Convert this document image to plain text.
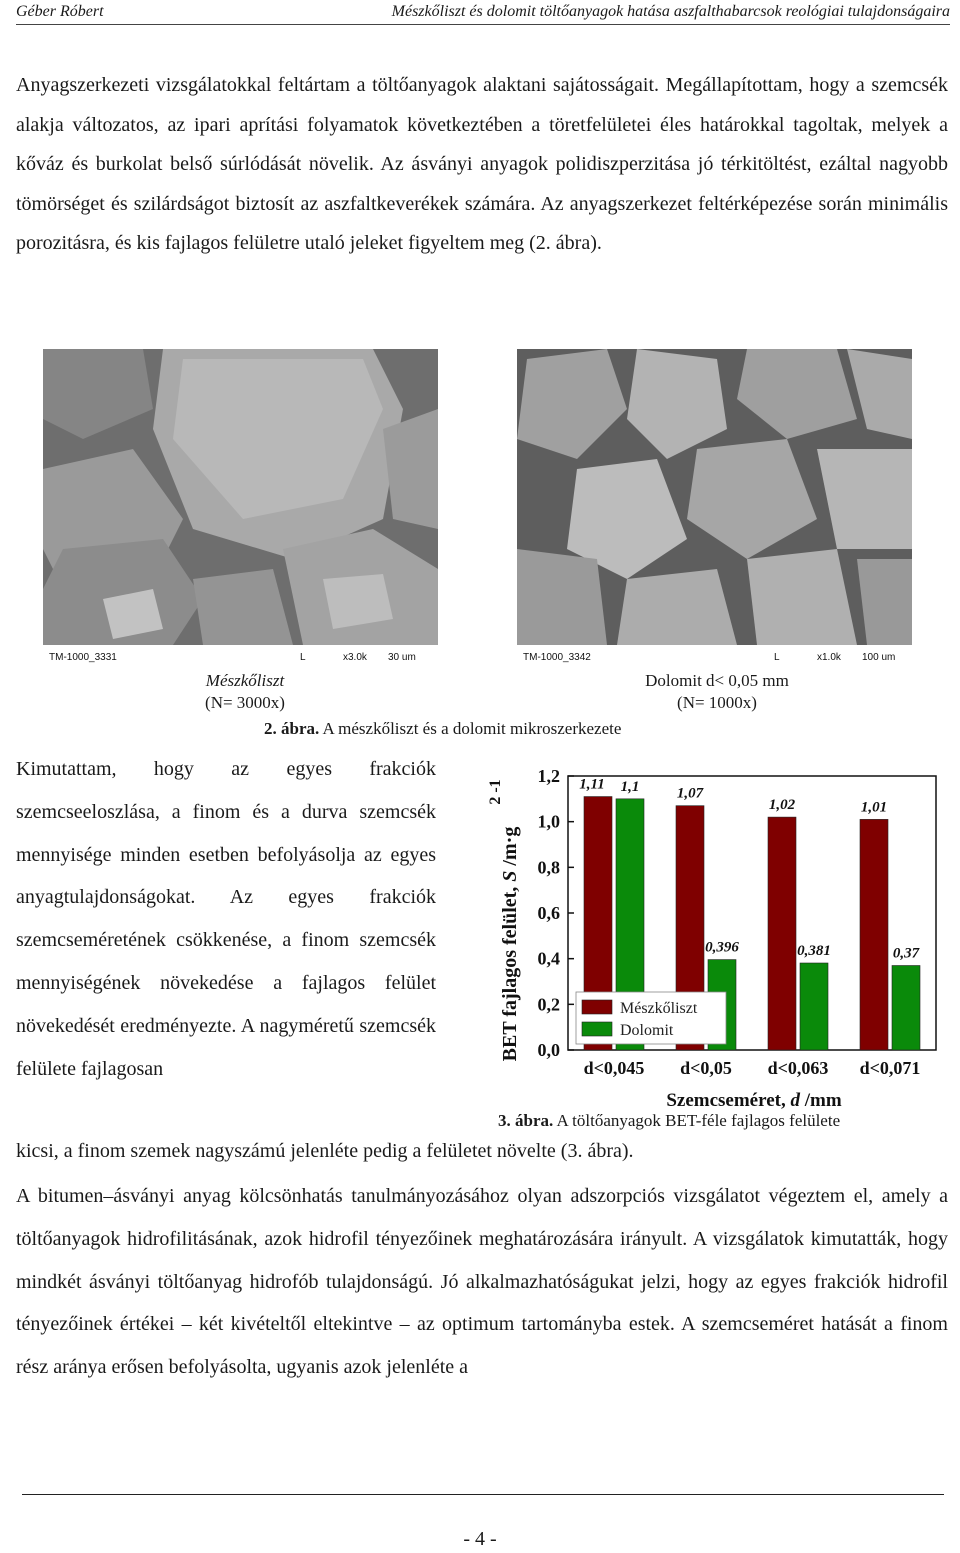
Géber Róbert	Mészkőliszt és dolomit töltőanyagok hatása aszfalthabarcsok reológiai tulajdonságaira

Anyagszerkezeti vizsgálatokkal feltártam a töltőanyagok alaktani sajátosságait. Megállapítottam, hogy a szemcsék alakja változatos, az ipari aprítási folyamatok következtében a töretfelületei éles határokkal tagoltak, melyek a kőváz és burkolat belső súrlódását növelik. Az ásványi anyagok polidiszperzitása jó térkitöltést, ezáltal nagyobb tömörséget és szilárdságot biztosít az aszfaltkeverékek számára. Az anyagszerkezet feltérképezése során minimális porozitásra, és kis fajlagos felületre utaló jeleket figyeltem meg (2. ábra).

TM-1000_3331	L	x3.0k 30 um	TM-1000_3342	L	x1.0k 100 um
Mészkőliszt
(N= 3000x)
Dolomit d< 0,05 mm
(N= 1000x)
2. ábra. A mészkőliszt és a dolomit mikroszerkezete

Kimutattam, hogy az egyes frakciók szemcseeloszlása, a finom és a durva szemcsék mennyisége minden esetben befolyásolja az egyes anyagtulajdonságokat. Az egyes frakciók szemcseméretének csökkenése, a finom szemcsék mennyiségének növekedése a fajlagos felület növekedését eredményezte. A nagyméretű szemcsék felülete fajlagosan

0,0
0,2
0,4
0,6
0,8
1,0
1,2
d<0,045
1,11 1,1
d<0,05
1,07
0,396
d<0,063
1,02
0,381
d<0,071
1,01
0,37
Mészkőliszt
Dolomit
BET fajlagos felület, S /m·g
2 -1
Szemcseméret, d /mm
3. ábra. A töltőanyagok BET-féle fajlagos felülete

kicsi, a finom szemek nagyszámú jelenléte pedig a felületet növelte (3. ábra).

A bitumen–ásványi anyag kölcsönhatás tanulmányozásához olyan adszorpciós vizsgálatot végeztem el, amely a töltőanyagok hidrofilitásának, azok hidrofil tényezőinek meghatározására irányult. A vizsgálatok kimutatták, hogy mindkét ásványi töltőanyag hidrofób tulajdonságú. Jó alkalmazhatóságukat jelzi, hogy az egyes frakciók hidrofil tényezőinek értékei – két kivételtől eltekintve – az optimum tartományba estek. A szemcseméret hatását a finom rész aránya erősen befolyásolta, ugyanis azok jelenléte a

- 4 -
